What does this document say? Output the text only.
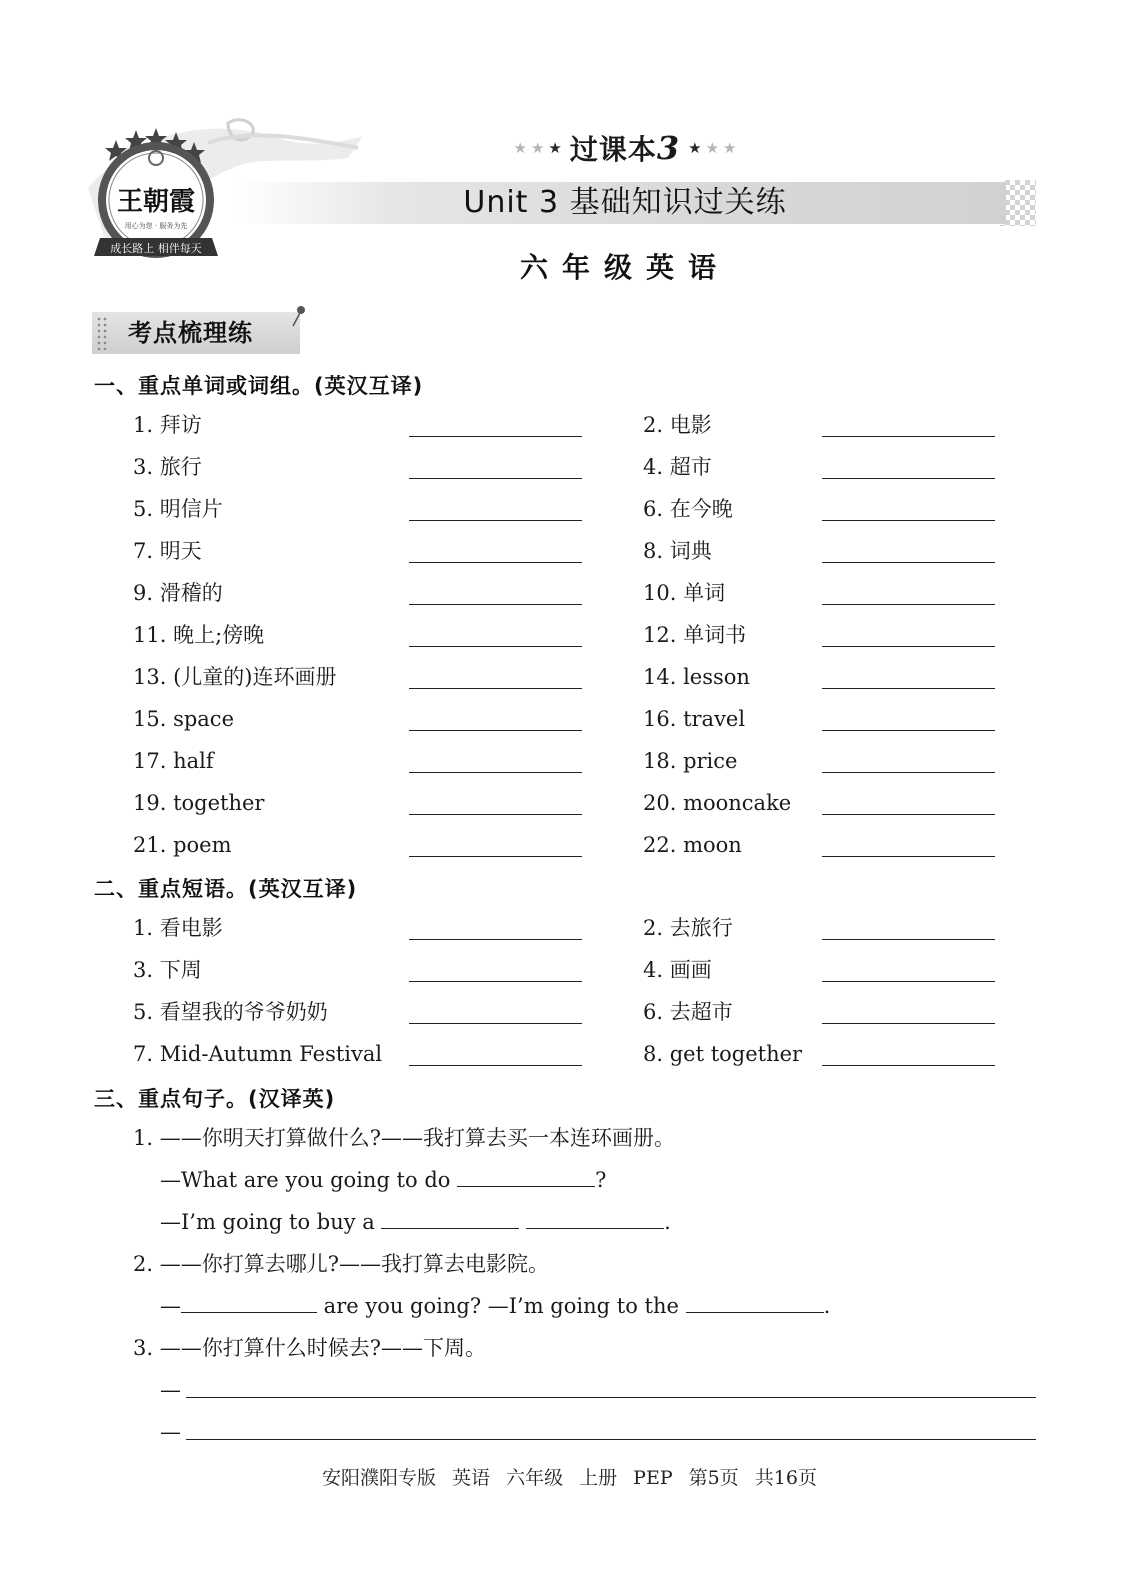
王朝霞
用心为您 · 服务为先
成长路上 相伴每天
★ ★ ★ 过课本3 ★ ★ ★
Unit 3 基础知识过关练
六年级英语
考点梳理练
一、重点单词或词组。(英汉互译)
1. 拜访	2. 电影
3. 旅行	4. 超市
5. 明信片	6. 在今晚
7. 明天	8. 词典
9. 滑稽的	10. 单词
11. 晚上;傍晚	12. 单词书
13. (儿童的)连环画册	14. lesson
15. space	16. travel
17. half	18. price
19. together	20. mooncake
21. poem	22. moon
二、重点短语。(英汉互译)
1. 看电影	2. 去旅行
3. 下周	4. 画画
5. 看望我的爷爷奶奶	6. 去超市
7. Mid-Autumn Festival	8. get together
三、重点句子。(汉译英)
1. ——你明天打算做什么?——我打算去买一本连环画册。
—What are you going to do	?
—I’m going to buy a	.
2. ——你打算去哪儿?——我打算去电影院。
—	are you going? —I’m going to the	.
3. ——你打算什么时候去?——下周。
—
—
安阳濮阳专版 英语 六年级 上册 PEP 第5页 共16页
